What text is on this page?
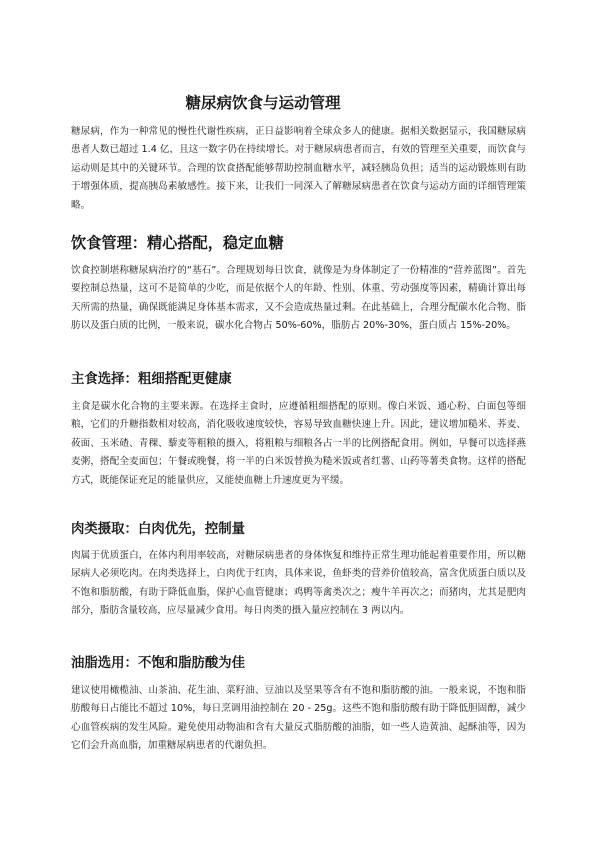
糖尿病饮食与运动管理

糖尿病，作为一种常见的慢性代谢性疾病，正日益影响着全球众多人的健康。据相关数据显示，我国糖尿病患者人数已超过 1.4 亿，且这一数字仍在持续增长。对于糖尿病患者而言，有效的管理至关重要，而饮食与运动则是其中的关键环节。合理的饮食搭配能够帮助控制血糖水平，减轻胰岛负担；适当的运动锻炼则有助于增强体质，提高胰岛素敏感性。接下来，让我们一同深入了解糖尿病患者在饮食与运动方面的详细管理策略。

饮食管理：精心搭配，稳定血糖

饮食控制堪称糖尿病治疗的“基石”。合理规划每日饮食，就像是为身体制定了一份精准的“营养蓝图”。首先要控制总热量，这可不是简单的少吃，而是依据个人的年龄、性别、体重、劳动强度等因素，精确计算出每天所需的热量，确保既能满足身体基本需求，又不会造成热量过剩。在此基础上，合理分配碳水化合物、脂肪以及蛋白质的比例，一般来说，碳水化合物占 50%-60%，脂肪占 20%-30%，蛋白质占 15%-20%。

主食选择：粗细搭配更健康

主食是碳水化合物的主要来源。在选择主食时，应遵循粗细搭配的原则。像白米饭、通心粉、白面包等细粮，它们的升糖指数相对较高，消化吸收速度较快，容易导致血糖快速上升。因此，建议增加糙米、荞麦、莜面、玉米碴、青稞、藜麦等粗粮的摄入，将粗粮与细粮各占一半的比例搭配食用。例如，早餐可以选择燕麦粥，搭配全麦面包；午餐或晚餐，将一半的白米饭替换为糙米饭或者红薯、山药等薯类食物。这样的搭配方式，既能保证充足的能量供应，又能使血糖上升速度更为平缓。

肉类摄取：白肉优先，控制量

肉属于优质蛋白，在体内利用率较高，对糖尿病患者的身体恢复和维持正常生理功能起着重要作用，所以糖尿病人必须吃肉。在肉类选择上，白肉优于红肉，具体来说，鱼虾类的营养价值较高，富含优质蛋白质以及不饱和脂肪酸，有助于降低血脂，保护心血管健康；鸡鸭等禽类次之；瘦牛羊再次之；而猪肉，尤其是肥肉部分，脂肪含量较高，应尽量减少食用。每日肉类的摄入量应控制在 3 两以内。

油脂选用：不饱和脂肪酸为佳

建议使用橄榄油、山茶油、花生油、菜籽油、豆油以及坚果等含有不饱和脂肪酸的油。一般来说，不饱和脂肪酸每日占能比不超过 10%，每日烹调用油控制在 20 - 25g。这些不饱和脂肪酸有助于降低胆固醇，减少心血管疾病的发生风险。避免使用动物油和含有大量反式脂肪酸的油脂，如一些人造黄油、起酥油等，因为它们会升高血脂，加重糖尿病患者的代谢负担。
